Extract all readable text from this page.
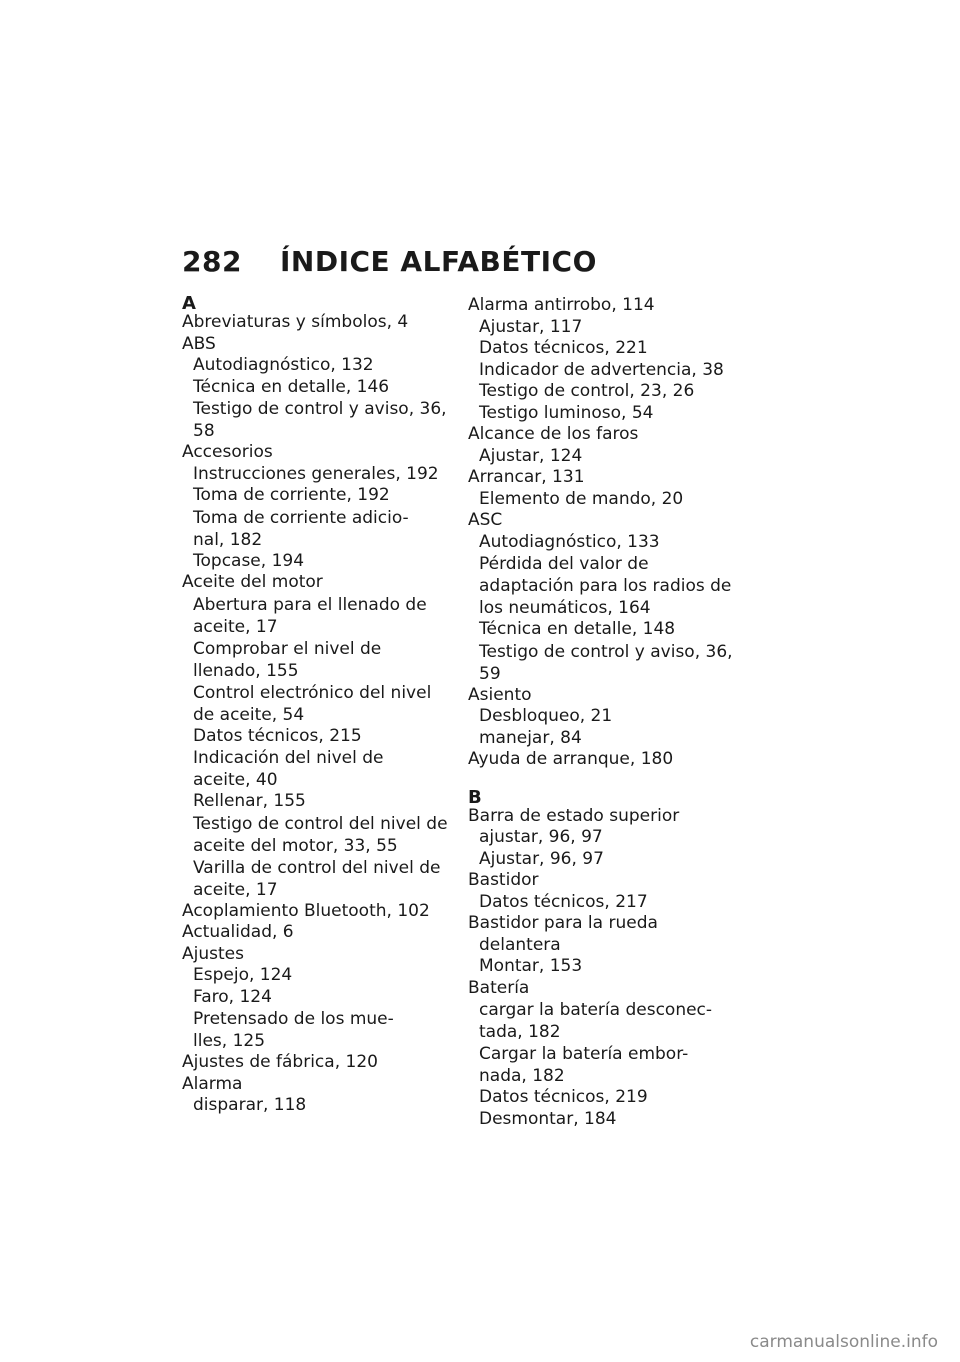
282 ÍNDICE ALFABÉTICO
A
Abreviaturas y símbolos, 4
ABS
Autodiagnóstico, 132
Técnica en detalle, 146
Testigo de control y aviso, 36,
58
Accesorios
Instrucciones generales, 192
Toma de corriente, 192
Toma de corriente adicio-
nal, 182
Topcase, 194
Aceite del motor
Abertura para el llenado de
aceite, 17
Comprobar el nivel de
llenado, 155
Control electrónico del nivel
de aceite, 54
Datos técnicos, 215
Indicación del nivel de
aceite, 40
Rellenar, 155
Testigo de control del nivel de
aceite del motor, 33, 55
Varilla de control del nivel de
aceite, 17
Acoplamiento Bluetooth, 102
Actualidad, 6
Ajustes
Espejo, 124
Faro, 124
Pretensado de los mue-
lles, 125
Ajustes de fábrica, 120
Alarma
disparar, 118
Alarma antirrobo, 114
Ajustar, 117
Datos técnicos, 221
Indicador de advertencia, 38
Testigo de control, 23, 26
Testigo luminoso, 54
Alcance de los faros
Ajustar, 124
Arrancar, 131
Elemento de mando, 20
ASC
Autodiagnóstico, 133
Pérdida del valor de
adaptación para los radios de
los neumáticos, 164
Técnica en detalle, 148
Testigo de control y aviso, 36,
59
Asiento
Desbloqueo, 21
manejar, 84
Ayuda de arranque, 180
B
Barra de estado superior
ajustar, 96, 97
Ajustar, 96, 97
Bastidor
Datos técnicos, 217
Bastidor para la rueda
delantera
Montar, 153
Batería
cargar la batería desconec-
tada, 182
Cargar la batería embor-
nada, 182
Datos técnicos, 219
Desmontar, 184
carmanualsonline.info
